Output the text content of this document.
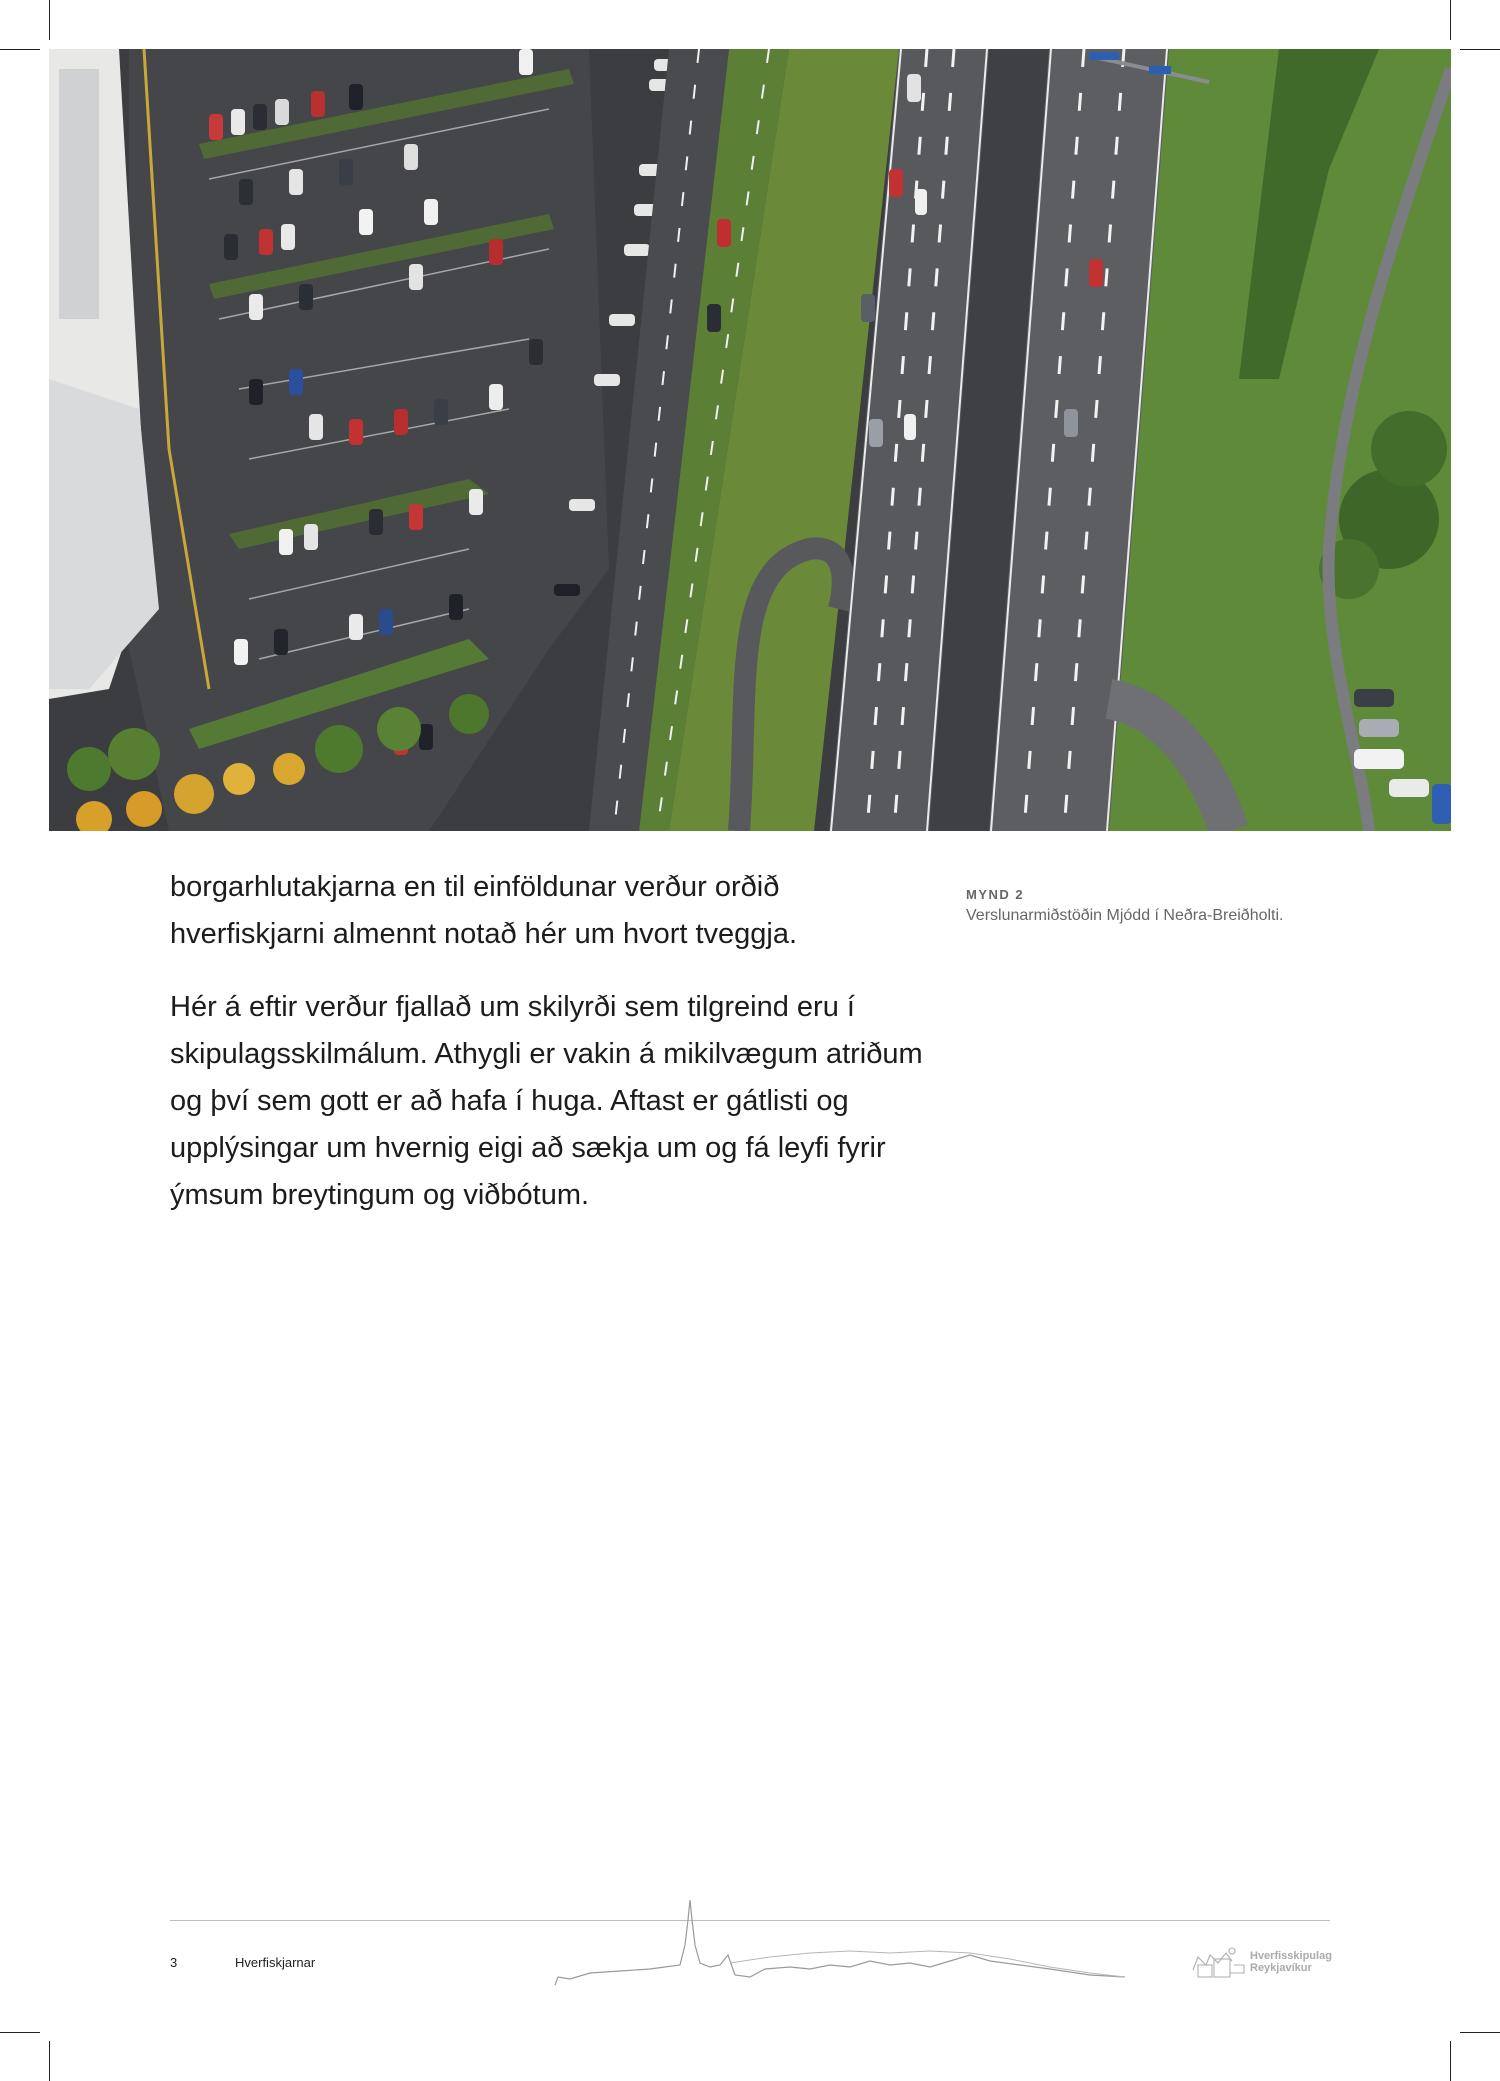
borgarhlutakjarna en til einföldunar verður orðið hverfiskjarni almennt notað hér um hvort tveggja.

Hér á eftir verður fjallað um skilyrði sem tilgreind eru í skipulagsskilmálum. Athygli er vakin á mikilvægum atriðum og því sem gott er að hafa í huga. Aftast er gátlisti og upplýsingar um hvernig eigi að sækja um og fá leyfi fyrir ýmsum breytingum og viðbótum.

MYND 2
Verslunarmiðstöðin Mjódd í Neðra-Breiðholti.
3	Hverfiskjarnar	Hverfisskipulag
Reykjavíkur
